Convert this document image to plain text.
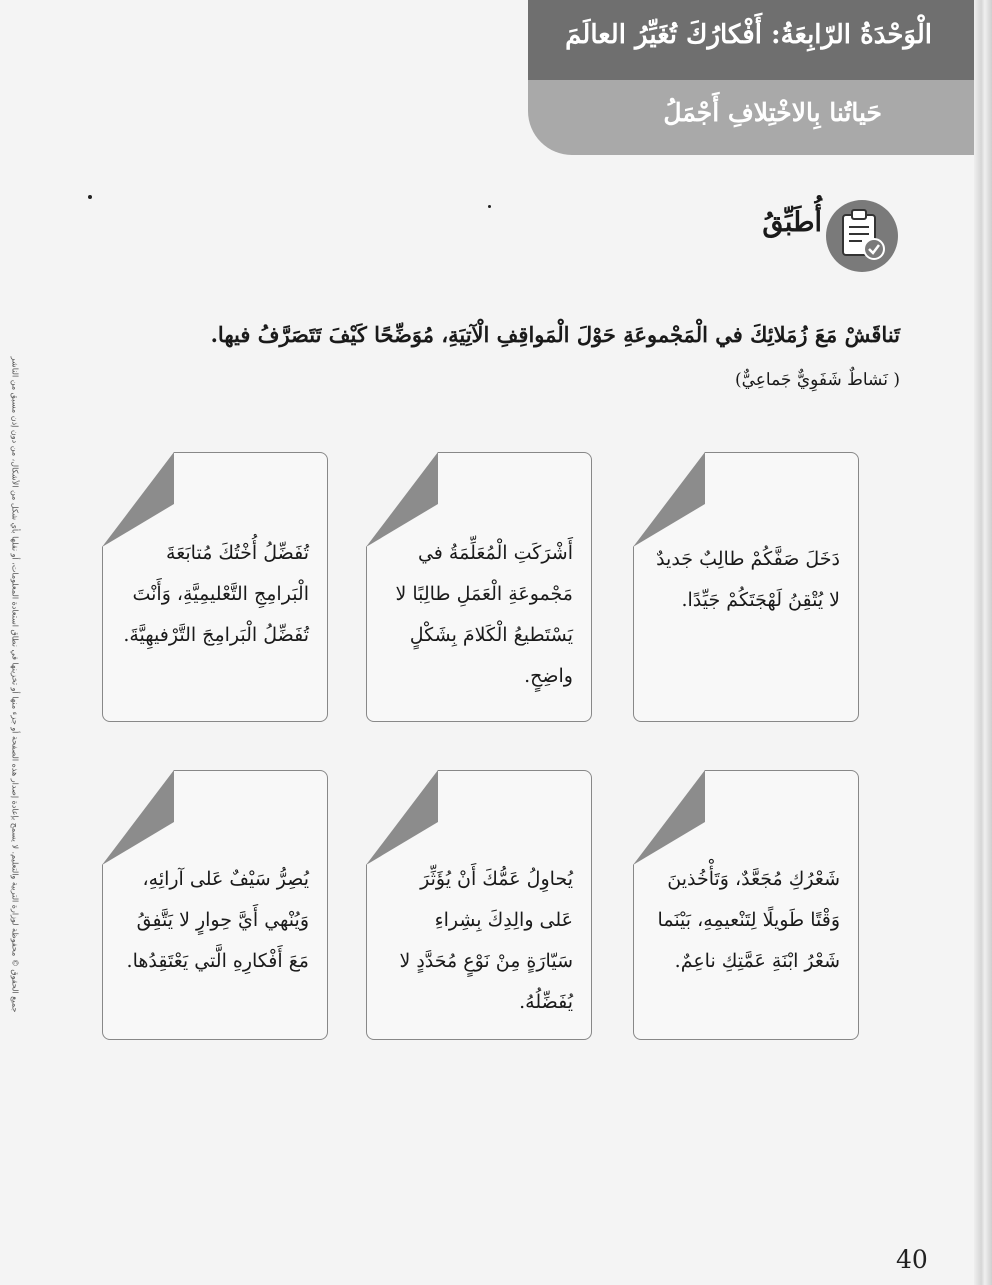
الْوَحْدَةُ الرّابِعَةُ: أَفْكارُكَ تُغَيِّرُ العالَمَ
حَياتُنا بِالاخْتِلافِ أَجْمَلُ
جميع الحقوق © محفوظة لوزارة التربية والتعليم. لا يسمح بإعادة إصدار هذه الصفحة أو جزء منها أو تخزينها في نطاق استعادة المعلومات، أو نقلها بأي شكل من الأشكال، من دون إذن مسبق من الناشر
أُطَبِّقُ
تَناقَشْ مَعَ زُمَلائِكَ في الْمَجْموعَةِ حَوْلَ الْمَواقِفِ الْآتِيَةِ، مُوَضِّحًا كَيْفَ تَتَصَرَّفُ فيها.
( نَشاطٌ شَفَوِيٌّ جَماعِيٌّ)
دَخَلَ صَفَّكُمْ طالِبٌ جَديدٌ لا يُتْقِنُ لَهْجَتَكُمْ جَيِّدًا.
أَشْرَكَتِ الْمُعَلِّمَةُ في مَجْموعَةِ الْعَمَلِ طالِبًا لا يَسْتَطيعُ الْكَلامَ بِشَكْلٍ واضِحٍ.
تُفَضِّلُ أُخْتُكَ مُتابَعَةَ الْبَرامِجِ التَّعْليمِيَّةِ، وَأَنْتَ تُفَضِّلُ الْبَرامِجَ التَّرْفيهِيَّةَ.
شَعْرُكِ مُجَعَّدٌ، وَتَأْخُذينَ وَقْتًا طَويلًا لِتَنْعيمِهِ، بَيْنَما شَعْرُ ابْنَةِ عَمَّتِكِ ناعِمٌ.
يُحاوِلُ عَمُّكَ أَنْ يُؤَثِّرَ عَلى والِدِكَ بِشِراءِ سَيّارَةٍ مِنْ نَوْعٍ مُحَدَّدٍ لا يُفَضِّلُهُ.
يُصِرُّ سَيْفٌ عَلى آرائِهِ، وَيُنْهي أَيَّ حِوارٍ لا يَتَّفِقُ مَعَ أَفْكارِهِ الَّتي يَعْتَقِدُها.
40
